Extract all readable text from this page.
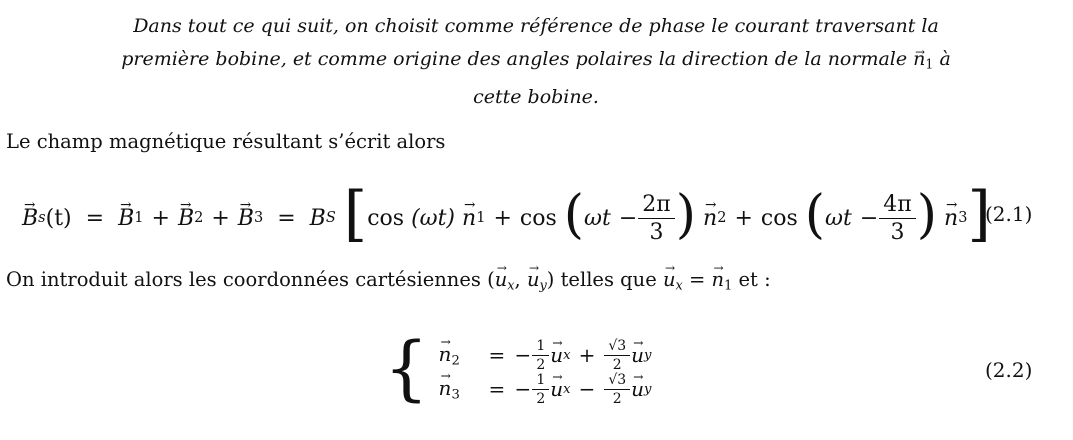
Dans tout ce qui suit, on choisit comme référence de phase le courant traversant la
première bobine, et comme origine des angles polaires la direction de la normale → $n_1$ à
cette bobine.
Le champ magnétique résultant s’écrit alors
→ B s (t) =
→ B 1 +
→ B 2 +
→ B 3 = B S [ cos
(ωt)

→ n 1 + cos
( $\omega t - \frac{2\pi}{3}$ )

→ n 2 + cos
( $\omega t - \frac{4\pi}{3}$ )

→ n 3 ]
(2.1)
On introduit alors les coordonnées cartésiennes (→ $u_x$, → $u_y$) telles que → $u_x$ = → $n_1$ et :
{
→ $n_2$	= − $\frac{1}{2}$
→ u $x + \frac{√3}{2}$
→ u y
→ $n_3$	= − $\frac{1}{2}$
→ u $x - \frac{√3}{2}$
→ u y
(2.2)
